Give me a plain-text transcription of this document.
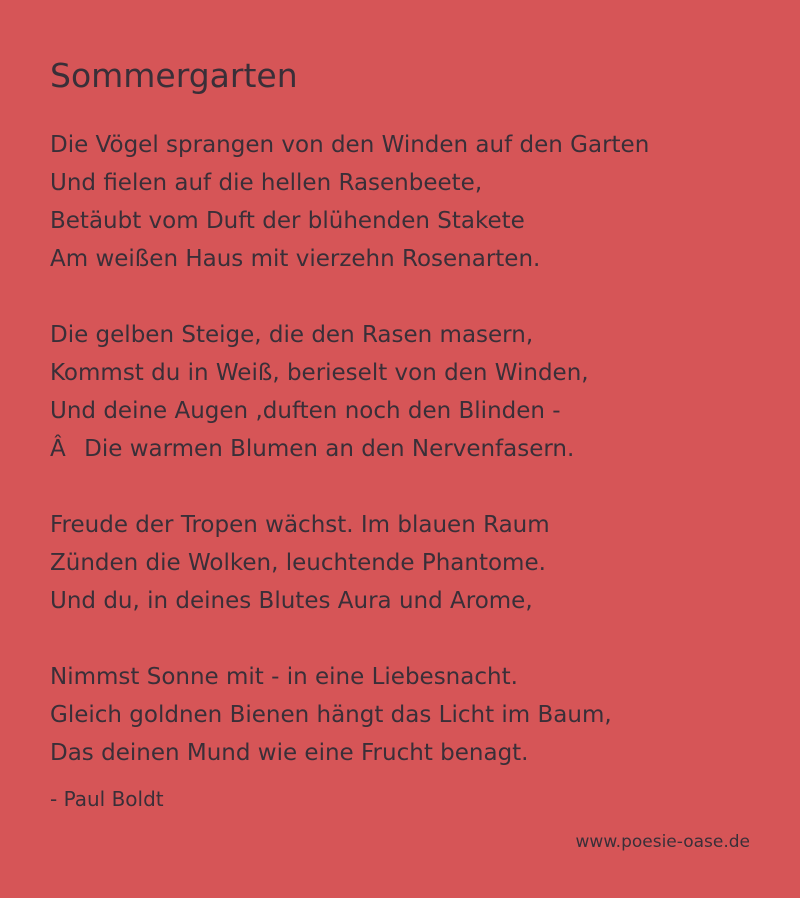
Sommergarten
Die Vögel sprangen von den Winden auf den Garten
Und fielen auf die hellen Rasenbeete,
Betäubt vom Duft der blühenden Stakete
Am weißen Haus mit vierzehn Rosenarten.
Die gelben Steige, die den Rasen masern,
Kommst du in Weiß, berieselt von den Winden,
Und deine Augen ,duften noch den Blinden -
ÂDie warmen Blumen an den Nervenfasern.
Freude der Tropen wächst. Im blauen Raum
Zünden die Wolken, leuchtende Phantome.
Und du, in deines Blutes Aura und Arome,
Nimmst Sonne mit - in eine Liebesnacht.
Gleich goldnen Bienen hängt das Licht im Baum,
Das deinen Mund wie eine Frucht benagt.
- Paul Boldt
www.poesie-oase.de
